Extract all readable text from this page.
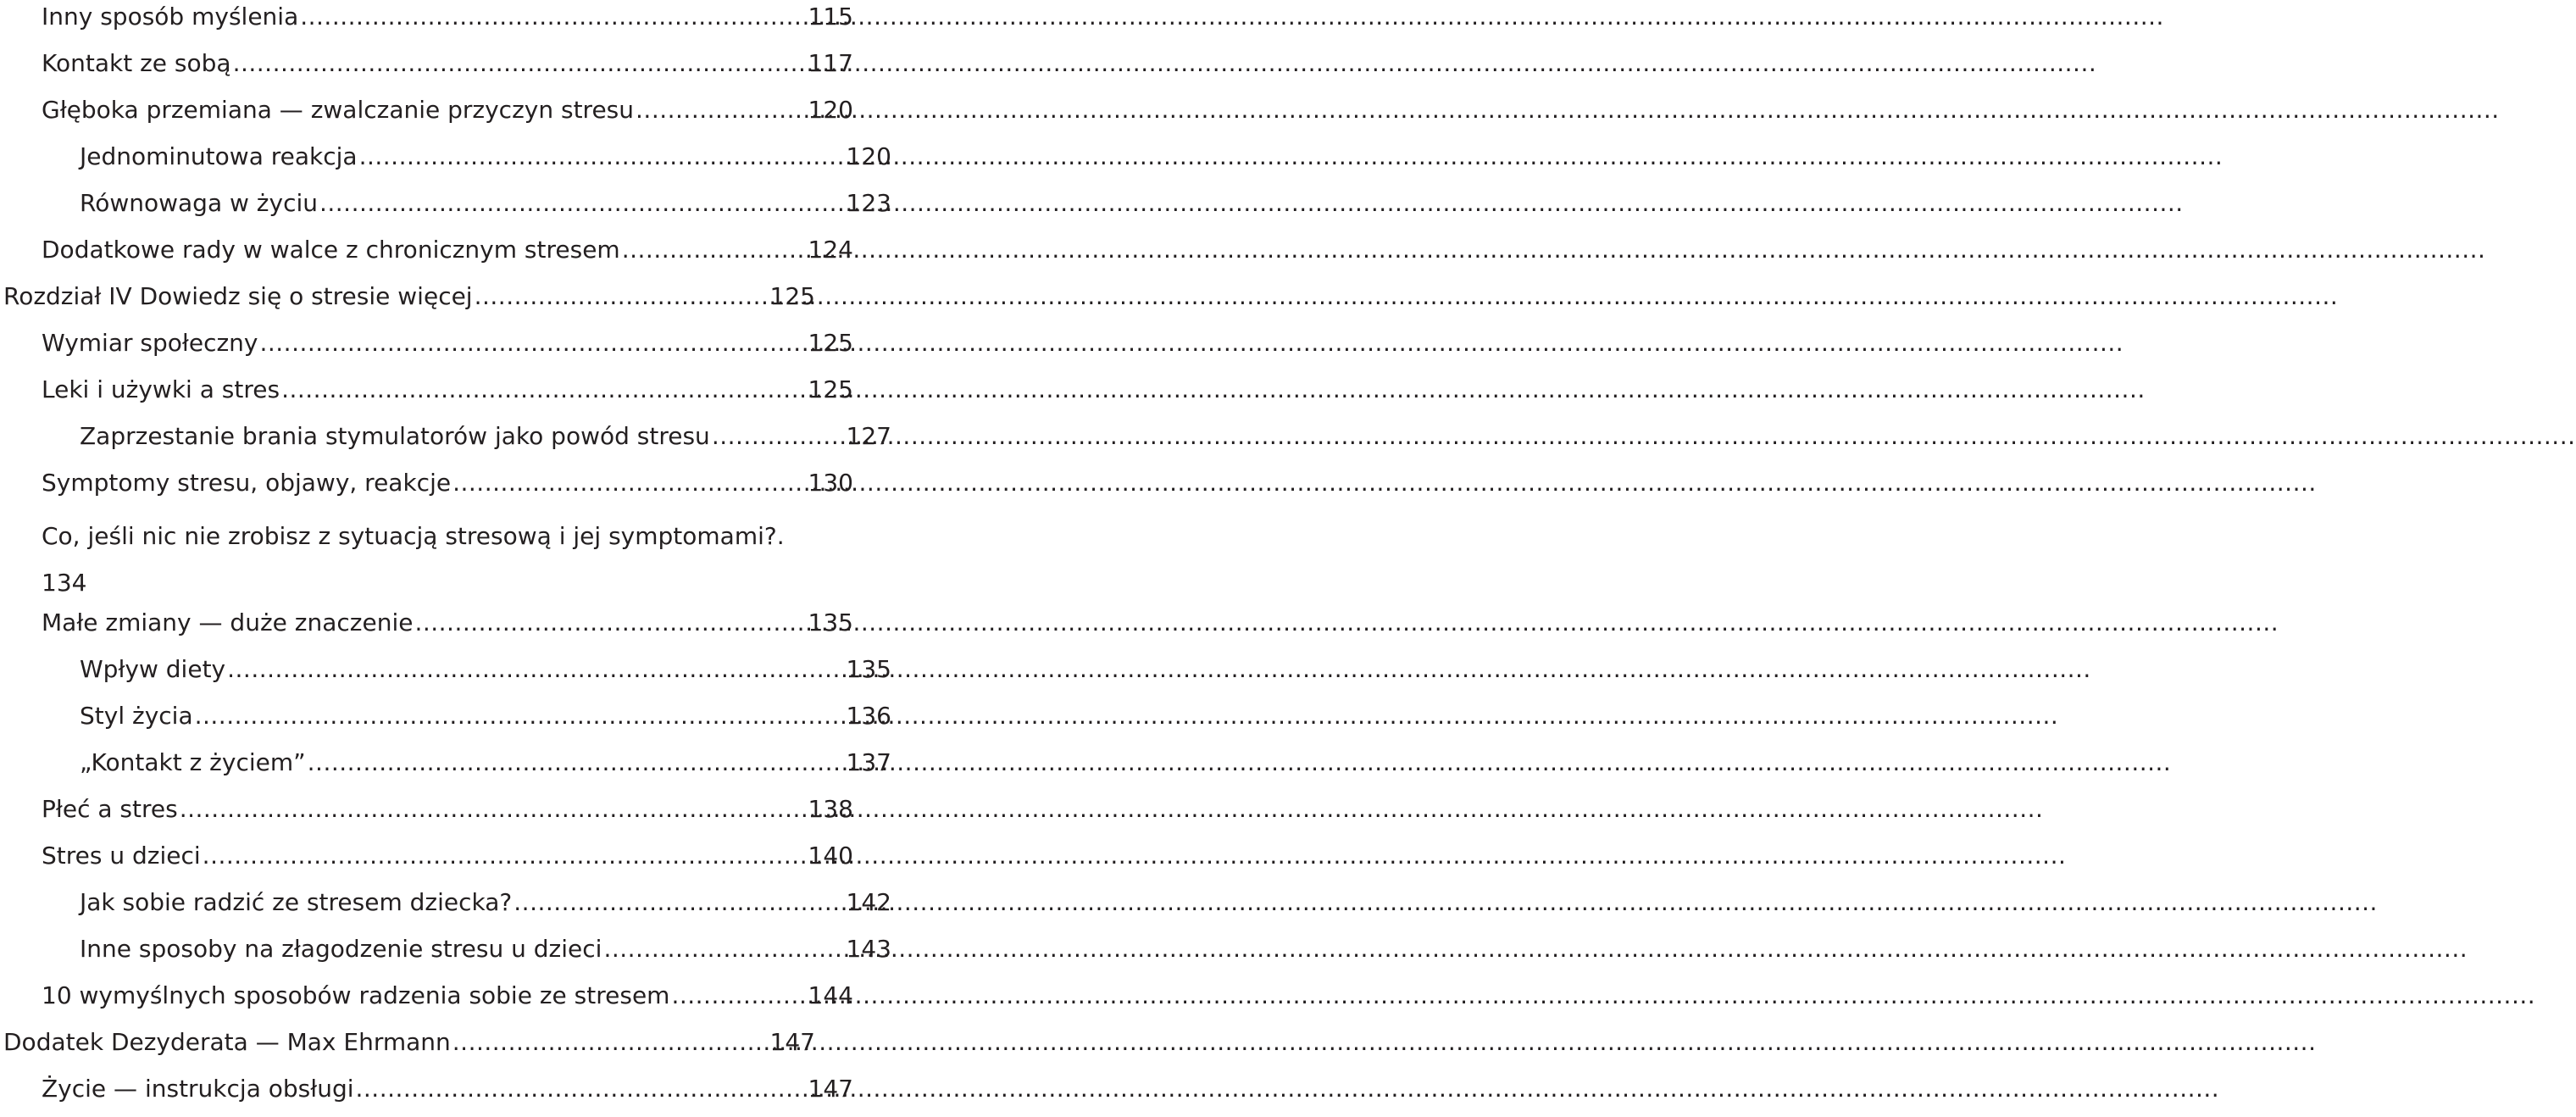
Inny sposób myślenia .....	115
Kontakt ze sobą .....	117
Głęboka przemiana — zwalczanie przyczyn stresu .....	120
Jednominutowa reakcja .....	120
Równowaga w życiu .....	123
Dodatkowe rady w walce z chronicznym stresem .....	124
Rozdział IV Dowiedz się o stresie więcej .....	125
Wymiar społeczny .....	125
Leki i używki a stres .....	125
Zaprzestanie brania stymulatorów jako powód stresu .....	127
Symptomy stresu, objawy, reakcje .....	130
Co, jeśli nic nie zrobisz z sytuacją stresową i jej symptomami?.
134
Małe zmiany — duże znaczenie .....	135
Wpływ diety .....	135
Styl życia .....	136
„Kontakt z życiem” .....	137
Płeć a stres .....	138
Stres u dzieci .....	140
Jak sobie radzić ze stresem dziecka? .....	142
Inne sposoby na złagodzenie stresu u dzieci .....	143
10 wymyślnych sposobów radzenia sobie ze stresem .....	144
Dodatek Dezyderata — Max Ehrmann .....	147
Życie — instrukcja obsługi .....	147
